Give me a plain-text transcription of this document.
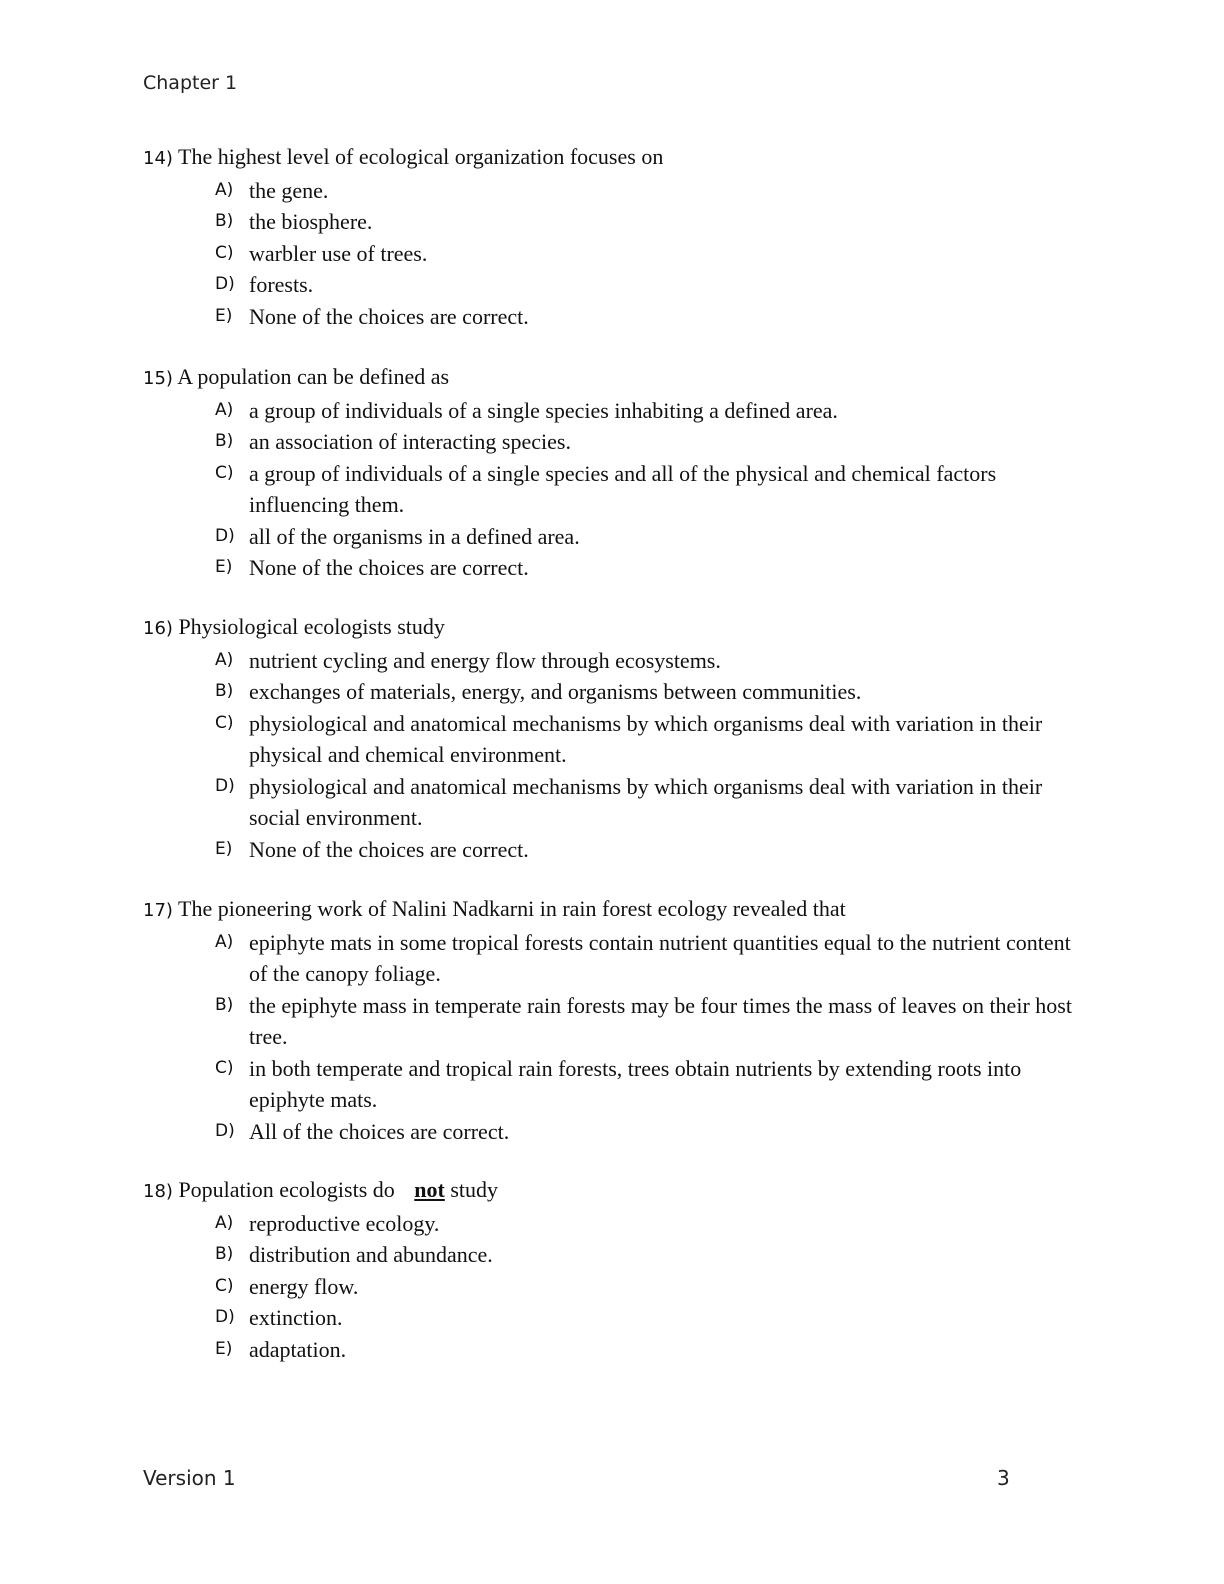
Chapter 1
14) The highest level of ecological organization focuses on
A) the gene.
B) the biosphere.
C) warbler use of trees.
D) forests.
E) None of the choices are correct.
15) A population can be defined as
A) a group of individuals of a single species inhabiting a defined area.
B) an association of interacting species.
C) a group of individuals of a single species and all of the physical and chemical factors influencing them.
D) all of the organisms in a defined area.
E) None of the choices are correct.
16) Physiological ecologists study
A) nutrient cycling and energy flow through ecosystems.
B) exchanges of materials, energy, and organisms between communities.
C) physiological and anatomical mechanisms by which organisms deal with variation in their physical and chemical environment.
D) physiological and anatomical mechanisms by which organisms deal with variation in their social environment.
E) None of the choices are correct.
17) The pioneering work of Nalini Nadkarni in rain forest ecology revealed that
A) epiphyte mats in some tropical forests contain nutrient quantities equal to the nutrient content of the canopy foliage.
B) the epiphyte mass in temperate rain forests may be four times the mass of leaves on their host tree.
C) in both temperate and tropical rain forests, trees obtain nutrients by extending roots into epiphyte mats.
D) All of the choices are correct.
18) Population ecologists do not study
A) reproductive ecology.
B) distribution and abundance.
C) energy flow.
D) extinction.
E) adaptation.
Version 1	3
